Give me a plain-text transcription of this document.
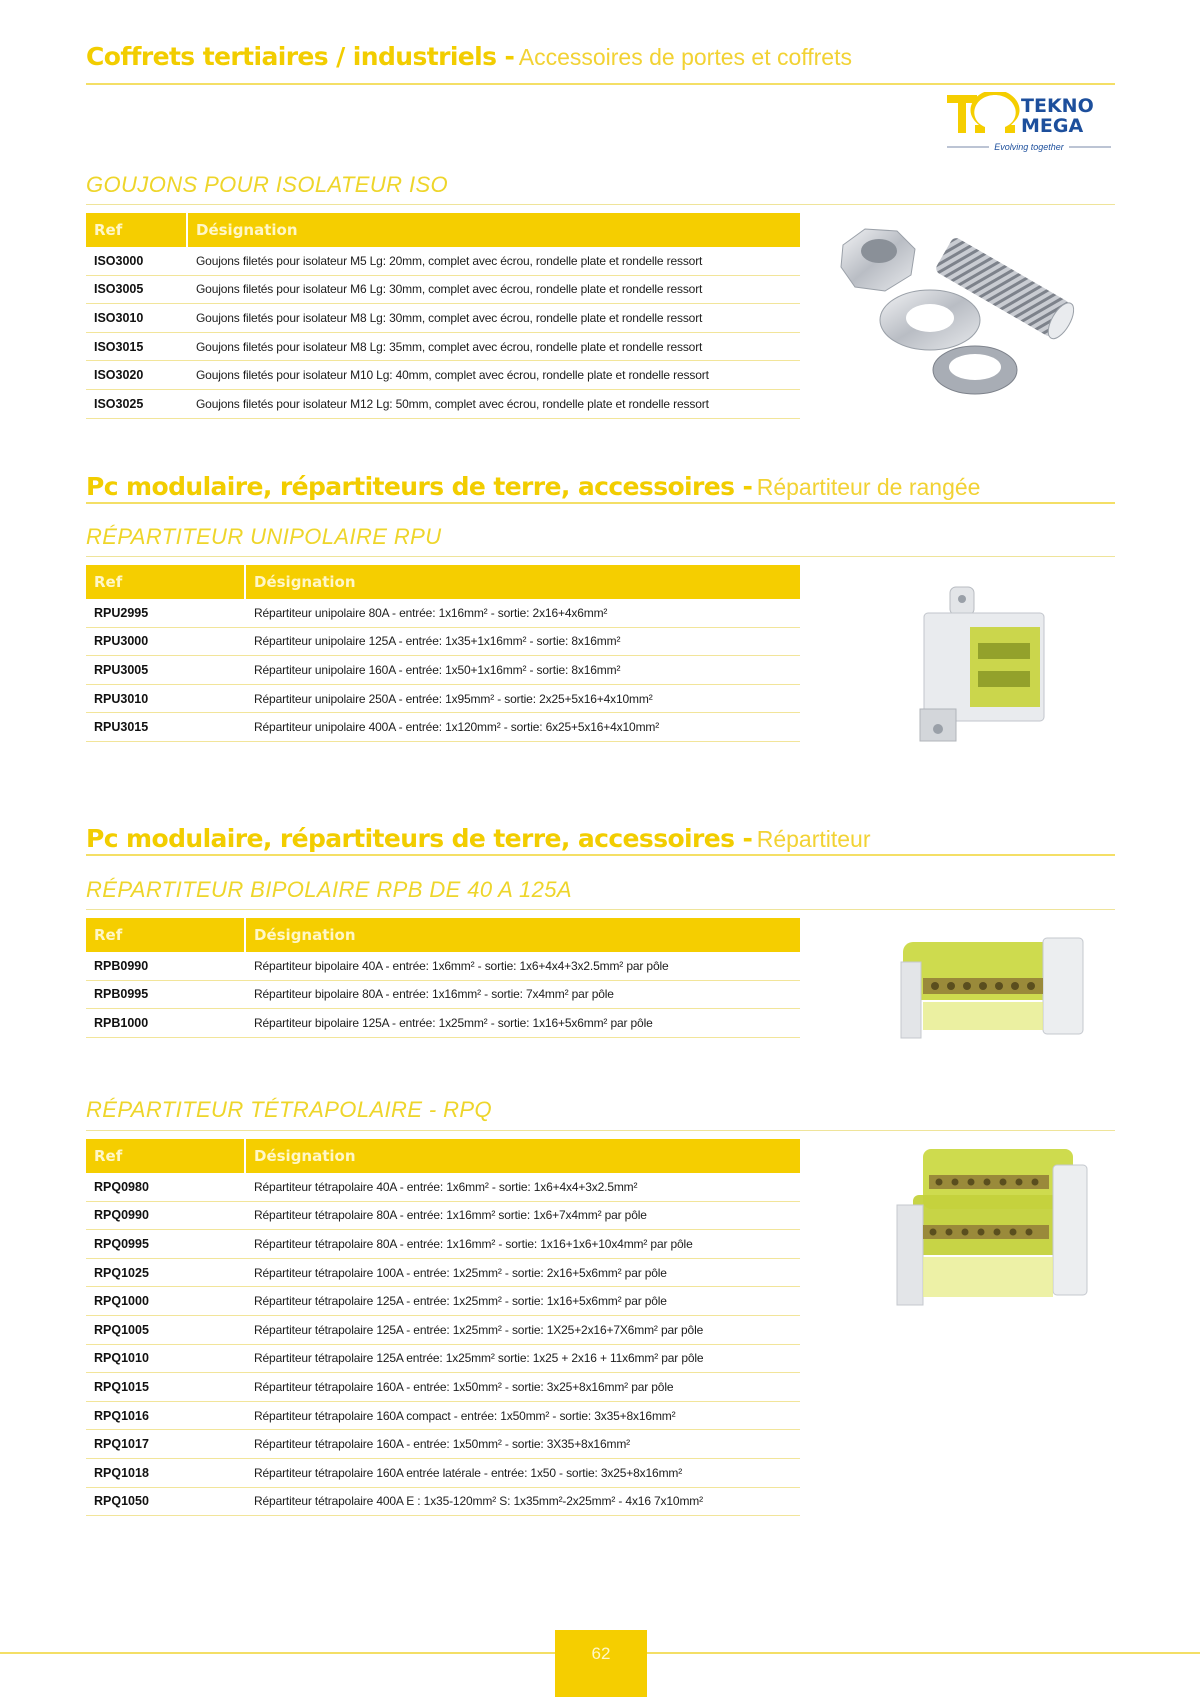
Coffrets tertiaires / industriels - Accessoires de portes et coffrets
TEKNO
MEGA
Evolving together
GOUJONS POUR ISOLATEUR ISO
Ref	Désignation
ISO3000	Goujons filetés pour isolateur M5 Lg: 20mm, complet avec écrou, rondelle plate et rondelle ressort
ISO3005	Goujons filetés pour isolateur M6 Lg: 30mm, complet avec écrou, rondelle plate et rondelle ressort
ISO3010	Goujons filetés pour isolateur M8 Lg: 30mm, complet avec écrou, rondelle plate et rondelle ressort
ISO3015	Goujons filetés pour isolateur M8 Lg: 35mm, complet avec écrou, rondelle plate et rondelle ressort
ISO3020	Goujons filetés pour isolateur M10 Lg: 40mm, complet avec écrou, rondelle plate et rondelle ressort
ISO3025	Goujons filetés pour isolateur M12 Lg: 50mm, complet avec écrou, rondelle plate et rondelle ressort
Pc modulaire, répartiteurs de terre, accessoires - Répartiteur de rangée
RÉPARTITEUR UNIPOLAIRE RPU
Ref	Désignation
RPU2995	Répartiteur unipolaire 80A - entrée: 1x16mm² - sortie: 2x16+4x6mm²
RPU3000	Répartiteur unipolaire 125A - entrée: 1x35+1x16mm² - sortie: 8x16mm²
RPU3005	Répartiteur unipolaire 160A - entrée: 1x50+1x16mm² - sortie: 8x16mm²
RPU3010	Répartiteur unipolaire 250A - entrée: 1x95mm² - sortie: 2x25+5x16+4x10mm²
RPU3015	Répartiteur unipolaire 400A - entrée: 1x120mm² - sortie: 6x25+5x16+4x10mm²
Pc modulaire, répartiteurs de terre, accessoires - Répartiteur
RÉPARTITEUR BIPOLAIRE RPB DE 40 A 125A
Ref	Désignation
RPB0990	Répartiteur bipolaire 40A - entrée: 1x6mm² - sortie: 1x6+4x4+3x2.5mm² par pôle
RPB0995	Répartiteur bipolaire 80A - entrée: 1x16mm² - sortie: 7x4mm² par pôle
RPB1000	Répartiteur bipolaire 125A - entrée: 1x25mm² - sortie: 1x16+5x6mm² par pôle
RÉPARTITEUR TÉTRAPOLAIRE - RPQ
Ref	Désignation
RPQ0980	Répartiteur tétrapolaire 40A - entrée: 1x6mm² - sortie: 1x6+4x4+3x2.5mm²
RPQ0990	Répartiteur tétrapolaire 80A - entrée: 1x16mm² sortie: 1x6+7x4mm² par pôle
RPQ0995	Répartiteur tétrapolaire 80A - entrée: 1x16mm² - sortie: 1x16+1x6+10x4mm² par pôle
RPQ1025	Répartiteur tétrapolaire 100A - entrée: 1x25mm² - sortie: 2x16+5x6mm² par pôle
RPQ1000	Répartiteur tétrapolaire 125A - entrée: 1x25mm² - sortie: 1x16+5x6mm² par pôle
RPQ1005	Répartiteur tétrapolaire 125A - entrée: 1x25mm² - sortie: 1X25+2x16+7X6mm² par pôle
RPQ1010	Répartiteur tétrapolaire 125A entrée: 1x25mm² sortie: 1x25 + 2x16 + 11x6mm² par pôle
RPQ1015	Répartiteur tétrapolaire 160A - entrée: 1x50mm² - sortie: 3x25+8x16mm² par pôle
RPQ1016	Répartiteur tétrapolaire 160A compact - entrée: 1x50mm² - sortie: 3x35+8x16mm²
RPQ1017	Répartiteur tétrapolaire 160A - entrée: 1x50mm² - sortie: 3X35+8x16mm²
RPQ1018	Répartiteur tétrapolaire 160A entrée latérale - entrée: 1x50 - sortie: 3x25+8x16mm²
RPQ1050	Répartiteur tétrapolaire 400A E : 1x35-120mm² S: 1x35mm²-2x25mm² - 4x16 7x10mm²
62
